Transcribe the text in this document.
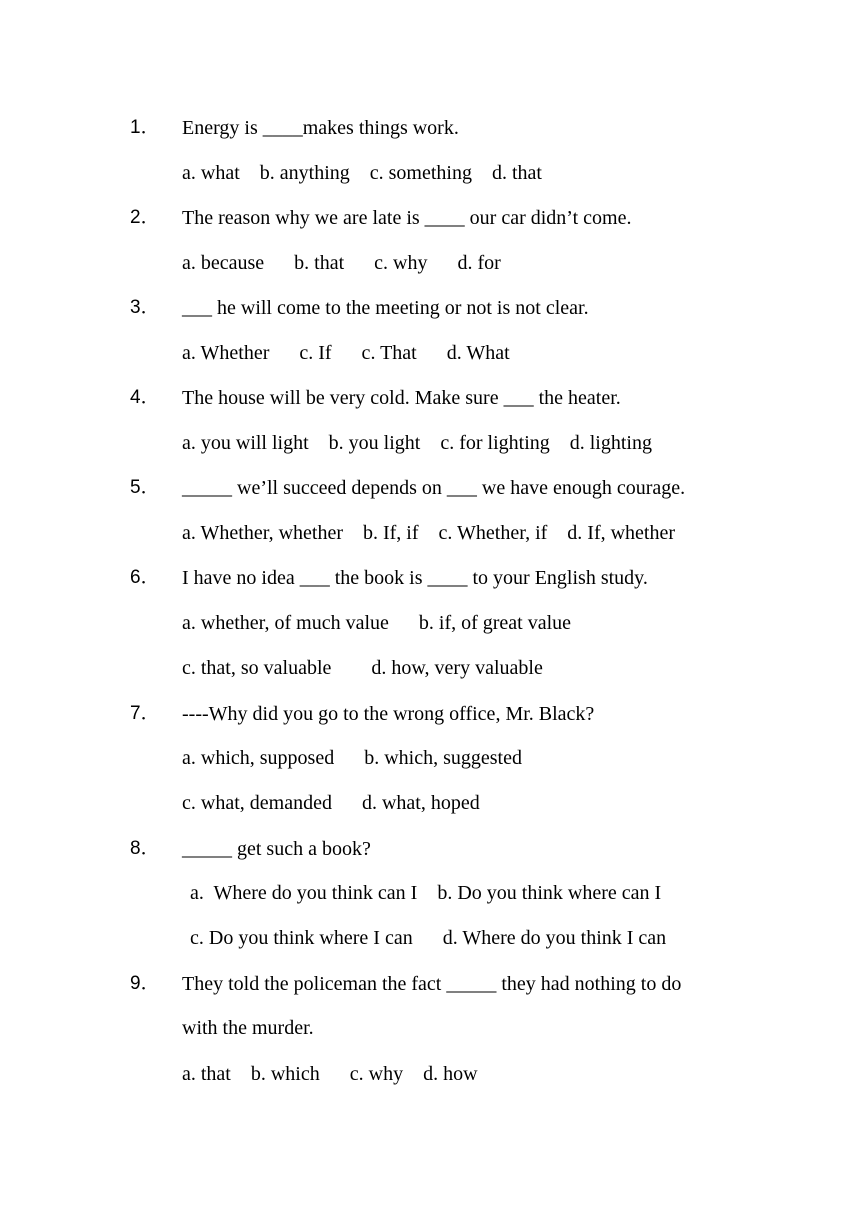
1． Energy is ____makes things work.
a. what    b. anything    c. something    d. that
2． The reason why we are late is ____ our car didn’t come.
a. because      b. that      c. why      d. for
3． ___ he will come to the meeting or not is not clear.
a. Whether      c. If      c. That      d. What
4． The house will be very cold. Make sure ___ the heater.
a. you will light    b. you light    c. for lighting    d. lighting
5． _____ we’ll succeed depends on ___ we have enough courage.
a. Whether, whether    b. If, if    c. Whether, if    d. If, whether
6． I have no idea ___ the book is ____ to your English study.
a. whether, of much value      b. if, of great value
c. that, so valuable        d. how, very valuable
7． ----Why did you go to the wrong office, Mr. Black?
a. which, supposed      b. which, suggested
c. what, demanded      d. what, hoped
8． _____ get such a book?
a.  Where do you think can I    b. Do you think where can I
c. Do you think where I can      d. Where do you think I can
9． They told the policeman the fact _____ they had nothing to do
with the murder.
a. that    b. which      c. why    d. how
